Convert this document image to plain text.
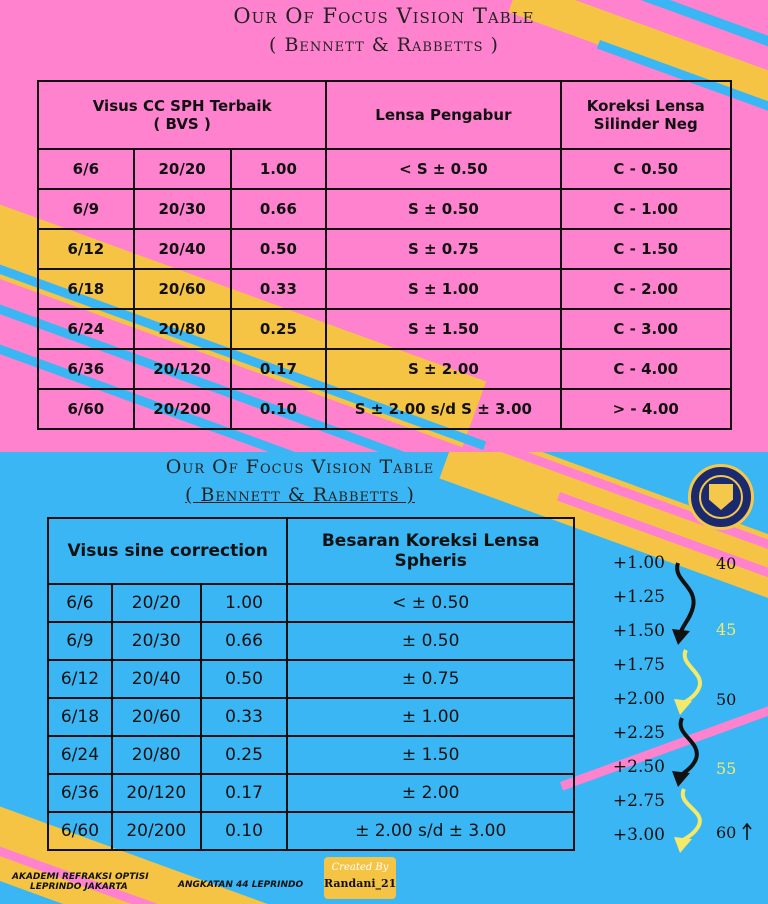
Our Of Focus Vision Table
( Bennett & Rabbetts )
Visus CC SPH Terbaik
( BVS )			Lensa Pengabur	Koreksi Lensa Silinder Neg
6/6	20/20	1.00	< S ± 0.50	C - 0.50
6/9	20/30	0.66	S ± 0.50	C - 1.00
6/12	20/40	0.50	S ± 0.75	C - 1.50
6/18	20/60	0.33	S ± 1.00	C - 2.00
6/24	20/80	0.25	S ± 1.50	C - 3.00
6/36	20/120	0.17	S ± 2.00	C - 4.00
6/60	20/200	0.10	S ± 2.00 s/d S ± 3.00	> - 4.00
Our Of Focus Vision Table
( Bennett & Rabbetts )
Visus sine correction			Besaran Koreksi Lensa Spheris
6/6	20/20	1.00	< ± 0.50
6/9	20/30	0.66	± 0.50
6/12	20/40	0.50	± 0.75
6/18	20/60	0.33	± 1.00
6/24	20/80	0.25	± 1.50
6/36	20/120	0.17	± 2.00
6/60	20/200	0.10	± 2.00 s/d ± 3.00
+1.00
+1.25
+1.50
+1.75
+2.00
+2.25
+2.50
+2.75
+3.00
40
45
50
55
60
AKADEMI REFRAKSI OPTISI
LEPRINDO JAKARTA	ANGKATAN 44 LEPRINDO
Created By
Randani_21
